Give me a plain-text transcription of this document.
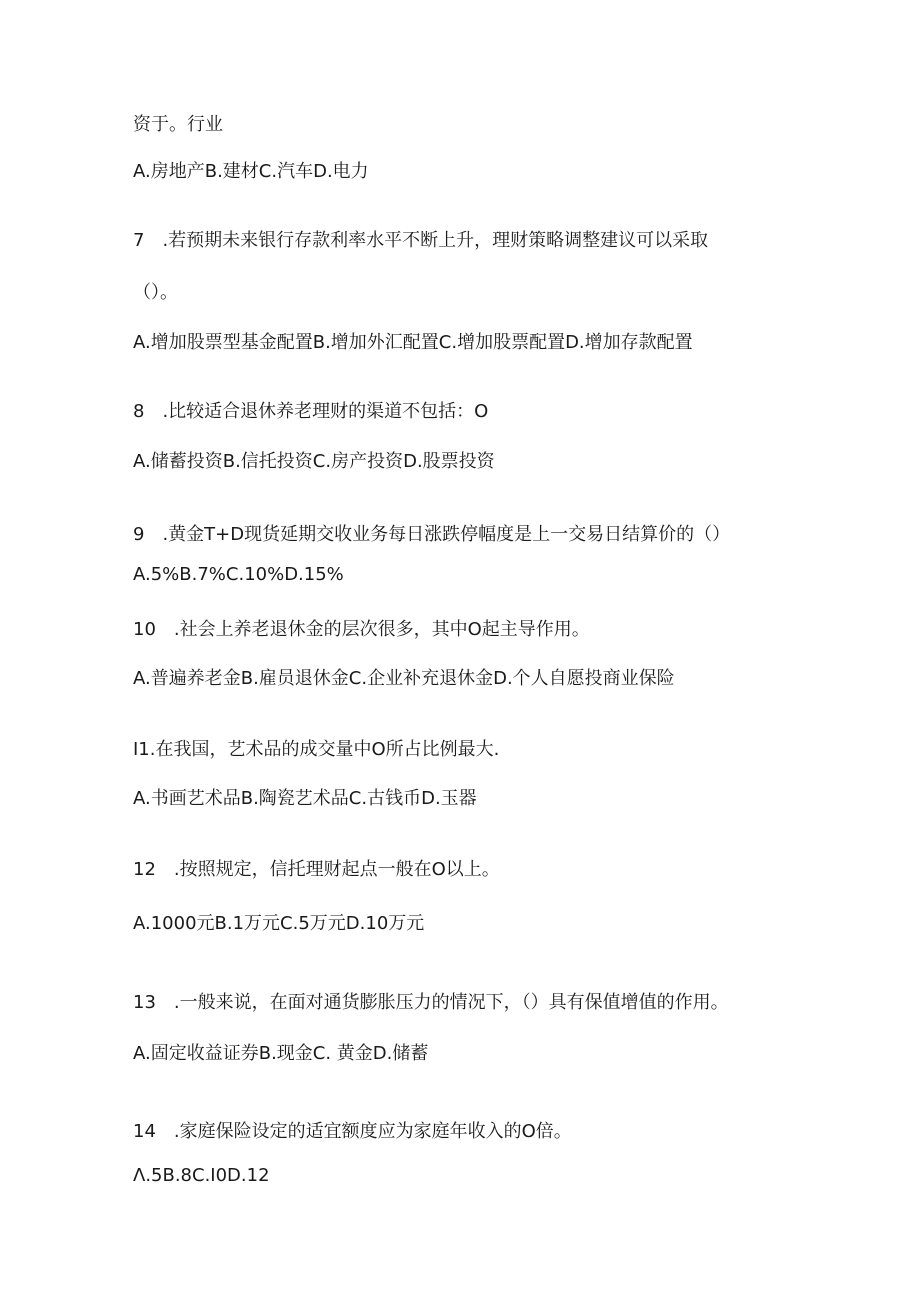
资于。行业
A.房地产B.建材C.汽车D.电力
7　.若预期未来银行存款利率水平不断上升，理财策略调整建议可以采取
（）。
A.增加股票型基金配置B.增加外汇配置C.增加股票配置D.增加存款配置
8　.比较适合退休养老理财的渠道不包括：O
A.储蓄投资B.信托投资C.房产投资D.股票投资
9　.黄金T+D现货延期交收业务每日涨跌停幅度是上一交易日结算价的（）
A.5%B.7%C.10%D.15%
10　.社会上养老退休金的层次很多，其中O起主导作用。
A.普遍养老金B.雇员退休金C.企业补充退休金D.个人自愿投商业保险
I1.在我国，艺术品的成交量中O所占比例最大.
A.书画艺术品B.陶瓷艺术品C.古钱币D.玉器
12　.按照规定，信托理财起点一般在O以上。
A.1000元B.1万元C.5万元D.10万元
13　.一般来说，在面对通货膨胀压力的情况下，（）具有保值增值的作用。
A.固定收益证券B.现金C. 黄金D.储蓄
14　.家庭保险设定的适宜额度应为家庭年收入的O倍。
Λ.5B.8C.I0D.12
